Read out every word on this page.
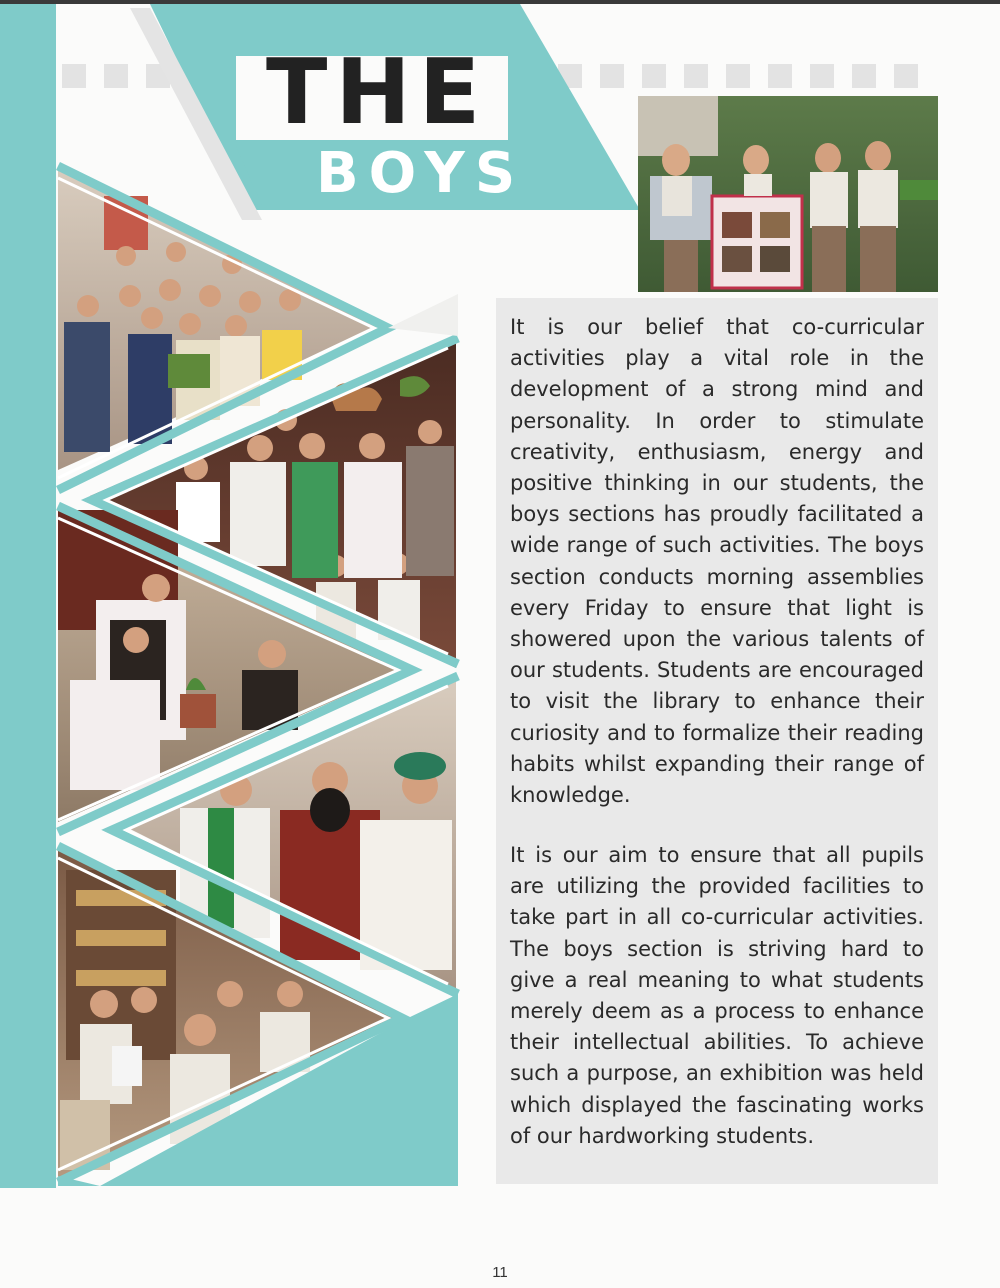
THE
BOYS

It is our belief that co-curricular activities play a vital role in the development of a strong mind and personality. In order to stimulate creativity, enthusiasm, energy and positive thinking in our students, the boys sections has proudly facilitated a wide range of such activities. The boys section conducts morning assemblies every Friday to ensure that light is showered upon the various talents of our students. Students are encouraged to visit the library to enhance their curiosity and to formalize their reading habits whilst expanding their range of knowledge.

It is our aim to ensure that all pupils are utilizing the provided facilities to take part in all co-curricular activities. The boys section is striving hard to give a real meaning to what students merely deem as a process to enhance their intellectual abilities. To achieve such a purpose, an exhibition was held which displayed the fascinating works of our hardworking students.

11
